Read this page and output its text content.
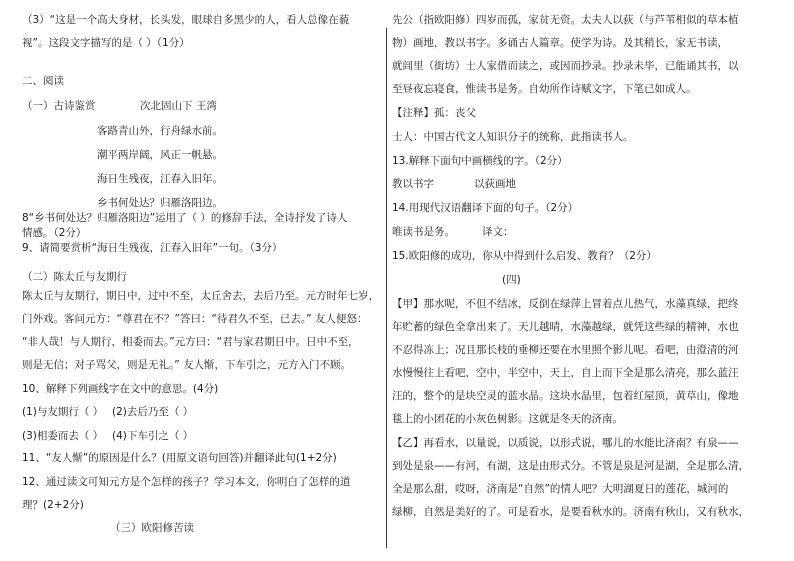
（3）“这是一个高大身材，长头发，眼球自多黑少的人，看人总像在藐
视”。这段文字描写的是（ ）（1分）
二、阅读
（一）古诗鉴赏	次北固山下 王湾
客路青山外，行舟绿水前。
潮平两岸阔，风正一帆悬。
海日生残夜，江春入旧年。
乡书何处达？归雁洛阳边。
8“乡书何处达？归雁洛阳边”运用了（ ）的修辞手法，全诗抒发了诗人
情感。（2分）
9、请简要赏析“海日生残夜，江春入旧年”一句。（3分）
（二）陈太丘与友期行
陈太丘与友期行，期日中，过中不至，太丘舍去，去后乃至。元方时年七岁，
门外戏。客问元方：“尊君在不？”答曰：“待君久不至，已去。” 友人便怒：
“非人哉！与人期行，相委而去。”元方曰：“君与家君期日中。日中不至，
则是无信；对子骂父，则是无礼。” 友人惭，下车引之，元方入门不顾。
10、解释下列画线字在文中的意思。(4分)
(1)与友期行（ ） (2)去后乃至（ ）
(3)相委而去（ ） (4)下车引之（ ）
11、“友人惭”的原因是什么？(用原文语句回答)并翻译此句(1+2分)
12、通过读文可知元方是个怎样的孩子？学习本文，你明白了怎样的道
理？(2+2分)
（三）欧阳修苦读
先公（指欧阳修）四岁而孤，家贫无资。太夫人以荻（与芦苇相似的草本植
物）画地，教以书字。多诵古人篇章。使学为诗。及其稍长，家无书读，
就闾里（街坊）士人家借而读之，或因而抄录。抄录未毕，已能诵其书，以
至昼夜忘寝食，惟读书是务。自幼所作诗赋文字，下笔已如成人。
【注释】孤：丧父
士人：中国古代文人知识分子的统称，此指读书人。
13.解释下面句中画横线的字。（2分）
教以书字	以荻画地
14.用现代汉语翻译下面的句子。（2分）
唯读书是务。	译文：
15.欧阳修的成功，你从中得到什么启发、教育？（2分）
(四)
【甲】那水呢，不但不结冰，反倒在绿萍上冒着点儿热气，水藻真绿，把终
年贮蓄的绿色全拿出来了。天儿越晴，水藻越绿，就凭这些绿的精神，水也
不忍得冻上；况且那长枝的垂柳还要在水里照个影儿呢。看吧，由澄清的河
水慢慢往上看吧，空中，半空中，天上，自上而下全是那么清亮，那么蓝汪
汪的，整个的是块空灵的蓝水晶。这块水晶里，包着红屋顶，黄草山，像地
毯上的小团花的小灰色树影。这就是冬天的济南。
【乙】再看水，以量说，以质说，以形式说，哪儿的水能比济南？有泉——
到处是泉——有河，有湖，这是由形式分。不管是泉是河是湖，全是那么清，
全是那么甜，哎呀，济南是“自然”的情人吧？大明湖夏日的莲花，城河的
绿柳，自然是美好的了。可是看水，是要看秋水的。济南有秋山，又有秋水，
